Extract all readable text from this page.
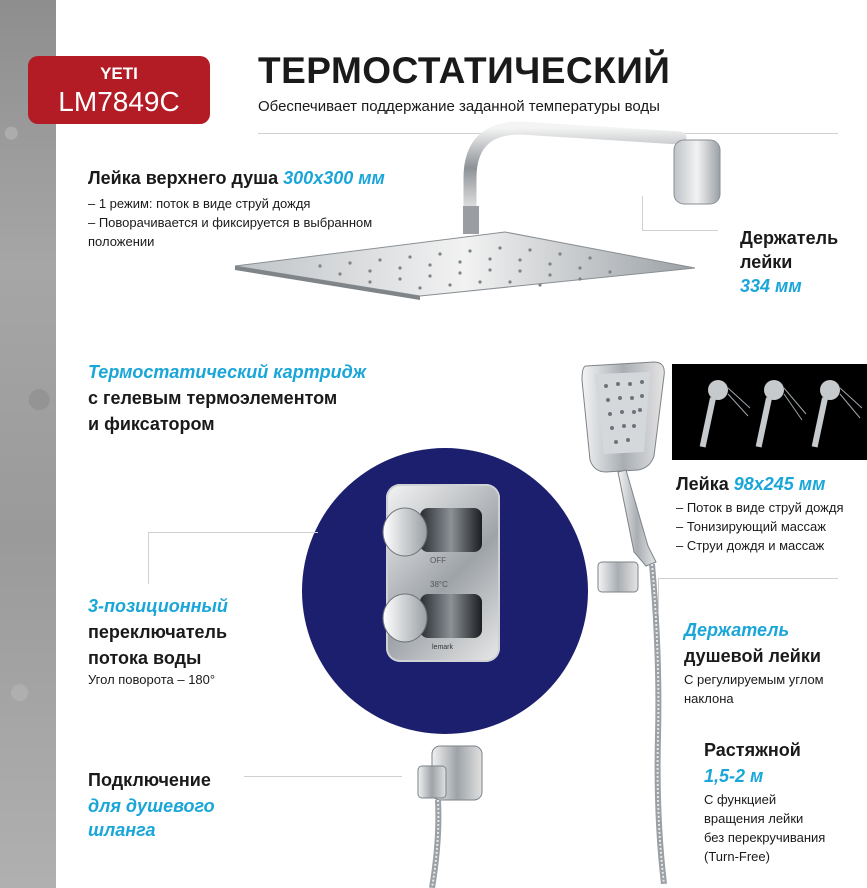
YETI
LM7849C
ТЕРМОСТАТИЧЕСКИЙ
Обеспечивает поддержание заданной температуры воды
Лейка верхнего душа 300х300 мм
– 1 режим: поток в виде струй дождя
– Поворачивается и фиксируется в выбранном
положении	Держатель
лейки
334 мм
Термостатический картридж
с гелевым термоэлементом
и фиксатором
OFF
38°C
lemark
3-позиционный
переключатель
потока воды
Угол поворота – 180°
Лейка 98х245 мм
– Поток в виде струй дождя
– Тонизирующий массаж
– Струи дождя и массаж
Держатель
душевой лейки
С регулируемым углом
наклона
Растяжной
1,5-2 м
С функцией
вращения лейки
без перекручивания
(Turn-Free)
Подключение
для душевого
шланга
